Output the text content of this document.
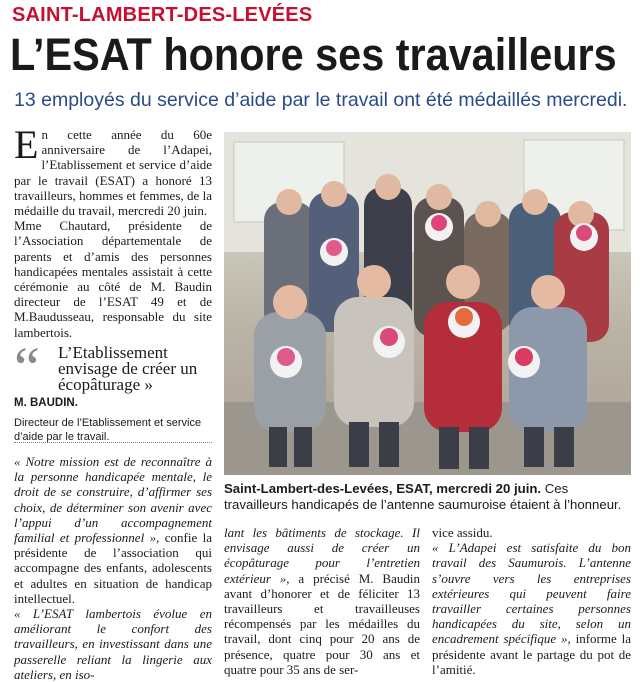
SAINT-LAMBERT-DES-LEVÉES
L’ESAT honore ses travailleurs
13 employés du service d’aide par le travail ont été médaillés mercredi.
E n cette année du 60e anniversaire de l’Adapei, l’Etablissement et service d’aide par le travail (ESAT) a honoré 13 travailleurs, hommes et femmes, de la médaille du travail, mercredi 20 juin.

Mme Chautard, présidente de l’Association départementale de parents et d’amis des personnes handicapées mentales assistait à cette cérémonie au côté de M. Baudin directeur de l’ESAT 49 et de M.Baudusseau, responsable du site lambertois.

“ L’Etablissement envisage de créer un écopâturage »
M. BAUDIN.
Directeur de l’Etablissement et service d’aide par le travail.

« Notre mission est de reconnaître à la personne handicapée mentale, le droit de se construire, d’affirmer ses choix, de déterminer son avenir avec l’appui d’un accompagnement familial et professionnel », confie la présidente de l’association qui accompagne des enfants, adolescents et adultes en situation de handicap intellectuel.

« L’ESAT lambertois évolue en améliorant le confort des travailleurs, en investissant dans une passerelle reliant la lingerie aux ateliers, en iso-

Saint-Lambert-des-Levées, ESAT, mercredi 20 juin. Ces travailleurs handicapés de l’antenne saumuroise étaient à l’honneur.

lant les bâtiments de stockage. Il envisage aussi de créer un écopâturage pour l’entretien extérieur », a précisé M. Baudin avant d’honorer et de féliciter 13 travailleurs et travailleuses récompensés par les médailles du travail, dont cinq pour 20 ans de présence, quatre pour 30 ans et quatre pour 35 ans de ser-

vice assidu.

« L’Adapei est satisfaite du bon travail des Saumurois. L’antenne s’ouvre vers les entreprises extérieures qui peuvent faire travailler certaines personnes handicapées du site, selon un encadrement spécifique », informe la présidente avant le partage du pot de l’amitié.
